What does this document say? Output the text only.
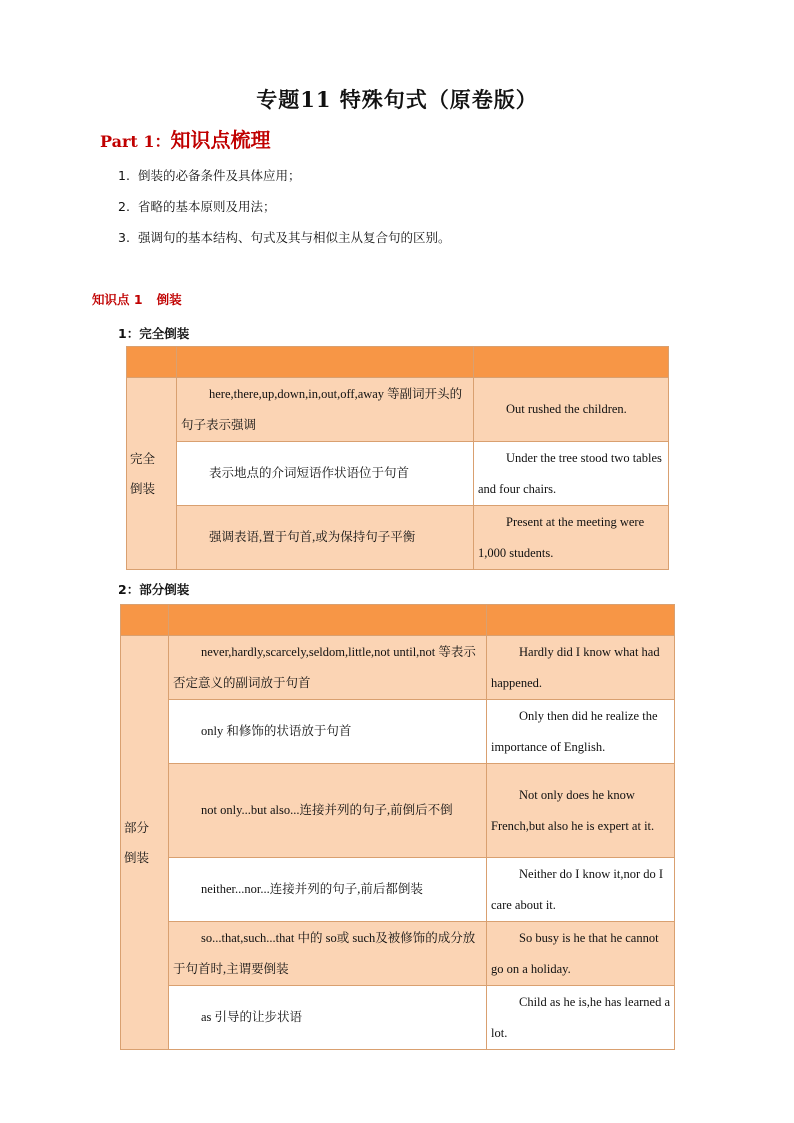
专题11 特殊句式（原卷版）
Part 1：知识点梳理
1. 倒装的必备条件及具体应用；
2. 省略的基本原则及用法；
3. 强调句的基本结构、句式及其与相似主从复合句的区别。
知识点 1 倒装
1：完全倒装

完全
倒装	here,there,up,down,in,out,off,away 等副词开头的句子表示强调	Out rushed the children.
	表示地点的介词短语作状语位于句首	Under the tree stood two tables and four chairs.
	强调表语,置于句首,或为保持句子平衡	Present at the meeting were 1,000 students.
2：部分倒装

部分
倒装	never,hardly,scarcely,seldom,little,not until,not 等表示否定意义的副词放于句首	Hardly did I know what had happened.
	only 和修饰的状语放于句首	Only then did he realize the importance of English.
	not only...but also...连接并列的句子,前倒后不倒	Not only does he know French,but also he is expert at it.
	neither...nor...连接并列的句子,前后都倒装	Neither do I know it,nor do I care about it.
	so...that,such...that 中的 so或 such及被修饰的成分放于句首时,主谓要倒装	So busy is he that he cannot go on a holiday.
	as 引导的让步状语	Child as he is,he has learned a lot.
